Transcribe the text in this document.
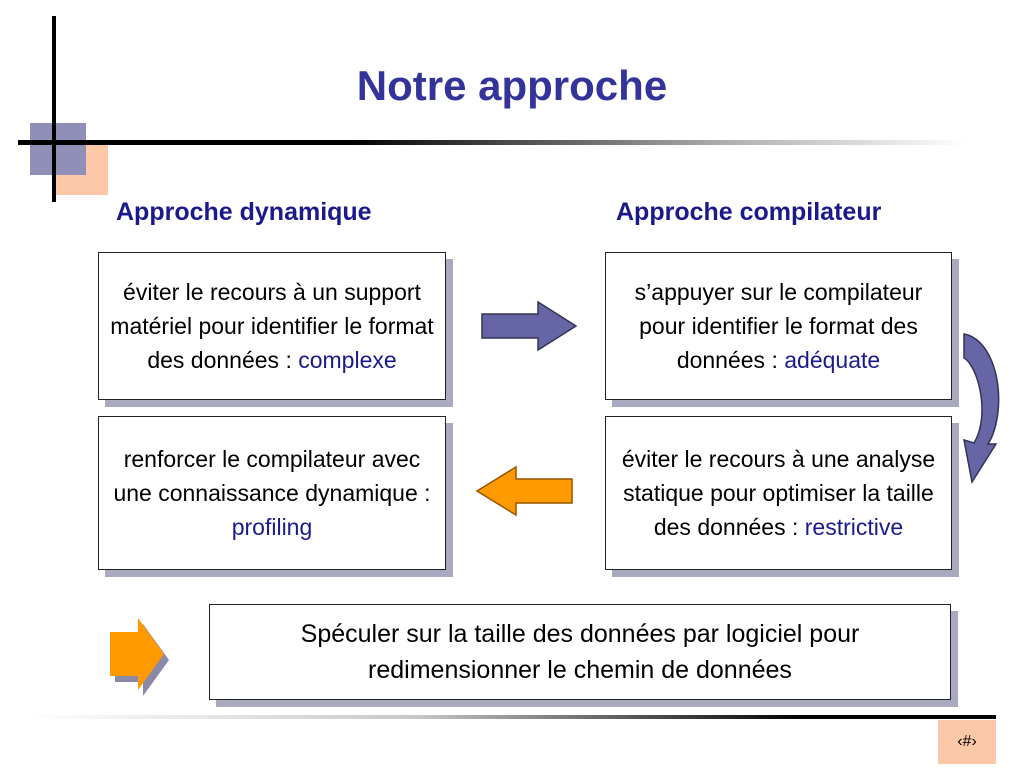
Notre approche
Approche dynamique	Approche compilateur
éviter le recours à un support matériel pour identifier le format des données : complexe
renforcer le compilateur avec une connaissance dynamique : profiling
s’appuyer sur le compilateur pour identifier le format des données : adéquate
éviter le recours à une analyse statique pour optimiser la taille des données : restrictive
Spéculer sur la taille des données par logiciel pour redimensionner le chemin de données
‹#›
